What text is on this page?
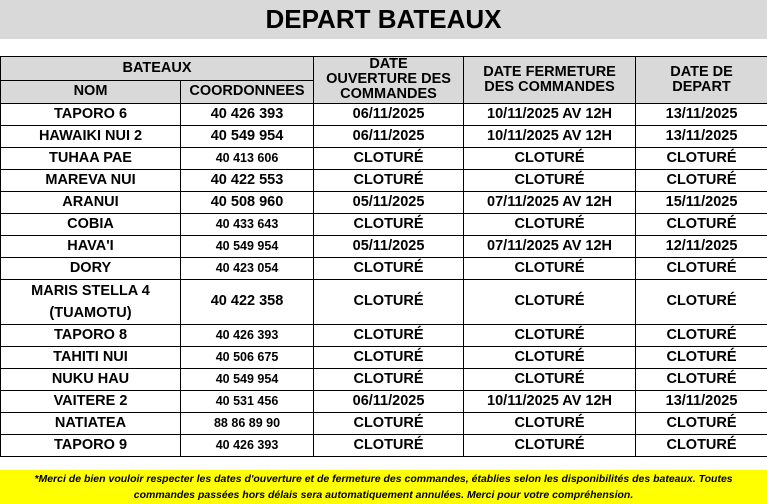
DEPART BATEAUX
BATEAUX		DATE OUVERTURE DES COMMANDES	DATE FERMETURE DES COMMANDES	DATE DE DEPART

NOM	COORDONNEES			
TAPORO 6	40 426 393	06/11/2025	10/11/2025 AV 12H	13/11/2025
HAWAIKI NUI 2	40 549 954	06/11/2025	10/11/2025 AV 12H	13/11/2025
TUHAA PAE	40 413 606	CLOTURÉ	CLOTURÉ	CLOTURÉ
MAREVA NUI	40 422 553	CLOTURÉ	CLOTURÉ	CLOTURÉ
ARANUI	40 508 960	05/11/2025	07/11/2025 AV 12H	15/11/2025
COBIA	40 433 643	CLOTURÉ	CLOTURÉ	CLOTURÉ
HAVA'I	40 549 954	05/11/2025	07/11/2025 AV 12H	12/11/2025
DORY	40 423 054	CLOTURÉ	CLOTURÉ	CLOTURÉ
MARIS STELLA 4 (TUAMOTU)	40 422 358	CLOTURÉ	CLOTURÉ	CLOTURÉ
TAPORO 8	40 426 393	CLOTURÉ	CLOTURÉ	CLOTURÉ
TAHITI NUI	40 506 675	CLOTURÉ	CLOTURÉ	CLOTURÉ
NUKU HAU	40 549 954	CLOTURÉ	CLOTURÉ	CLOTURÉ
VAITERE 2	40 531 456	06/11/2025	10/11/2025 AV 12H	13/11/2025
NATIATEA	88 86 89 90	CLOTURÉ	CLOTURÉ	CLOTURÉ
TAPORO 9	40 426 393	CLOTURÉ	CLOTURÉ	CLOTURÉ
*Merci de bien vouloir respecter les dates d'ouverture et de fermeture des commandes, établies selon les disponibilités des bateaux. Toutes commandes passées hors délais sera automatiquement annulées. Merci pour votre compréhension.
